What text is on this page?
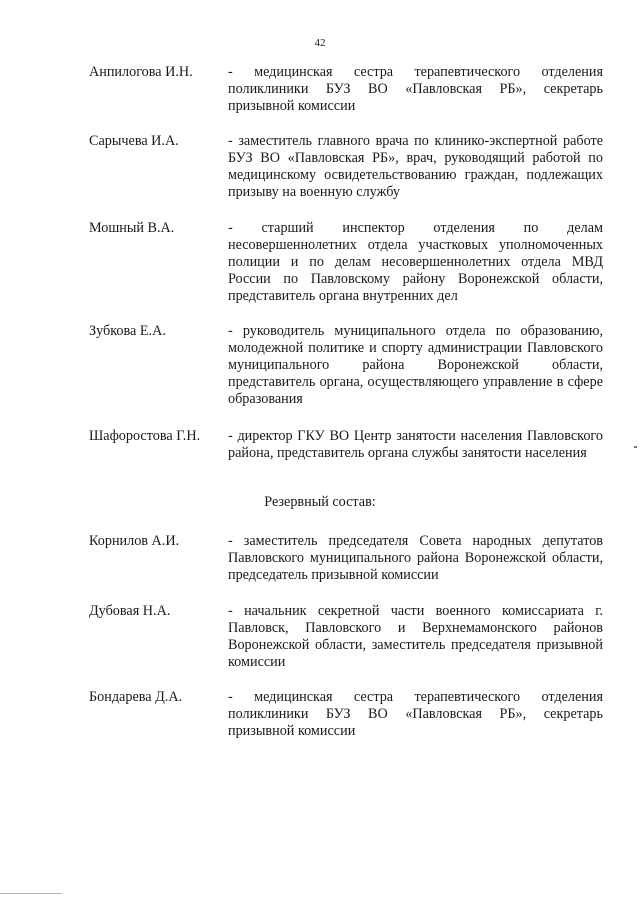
42
Анпилогова И.Н. - медицинская сестра терапевтического отделения поликлиники БУЗ ВО «Павловская РБ», секретарь призывной комиссии
Сарычева И.А.	- заместитель главного врача по клинико-экспертной работе БУЗ ВО «Павловская РБ», врач, руководящий работой по медицинскому освидетельствованию граждан, подлежащих призыву на военную службу
Мошный В.А.	- старший инспектор отделения по делам несовершеннолетних отдела участковых уполномоченных полиции и по делам несовершеннолетних отдела МВД России по Павловскому району Воронежской области, представитель органа внутренних дел
Зубкова Е.А.	- руководитель муниципального отдела по образованию, молодежной политике и спорту администрации Павловского муниципального района Воронежской области, представитель органа, осуществляющего управление в сфере образования
Шафоростова Г.Н. - директор ГКУ ВО Центр занятости населения Павловского района, представитель органа службы занятости населения
Резервный состав:
Корнилов А.И.	- заместитель председателя Совета народных депутатов Павловского муниципального района Воронежской области, председатель призывной комиссии
Дубовая Н.А.	- начальник секретной части военного комиссариата г. Павловск, Павловского и Верхнемамонского районов Воронежской области, заместитель председателя призывной комиссии
Бондарева Д.А.	- медицинская сестра терапевтического отделения поликлиники БУЗ ВО «Павловская РБ», секретарь призывной комиссии
